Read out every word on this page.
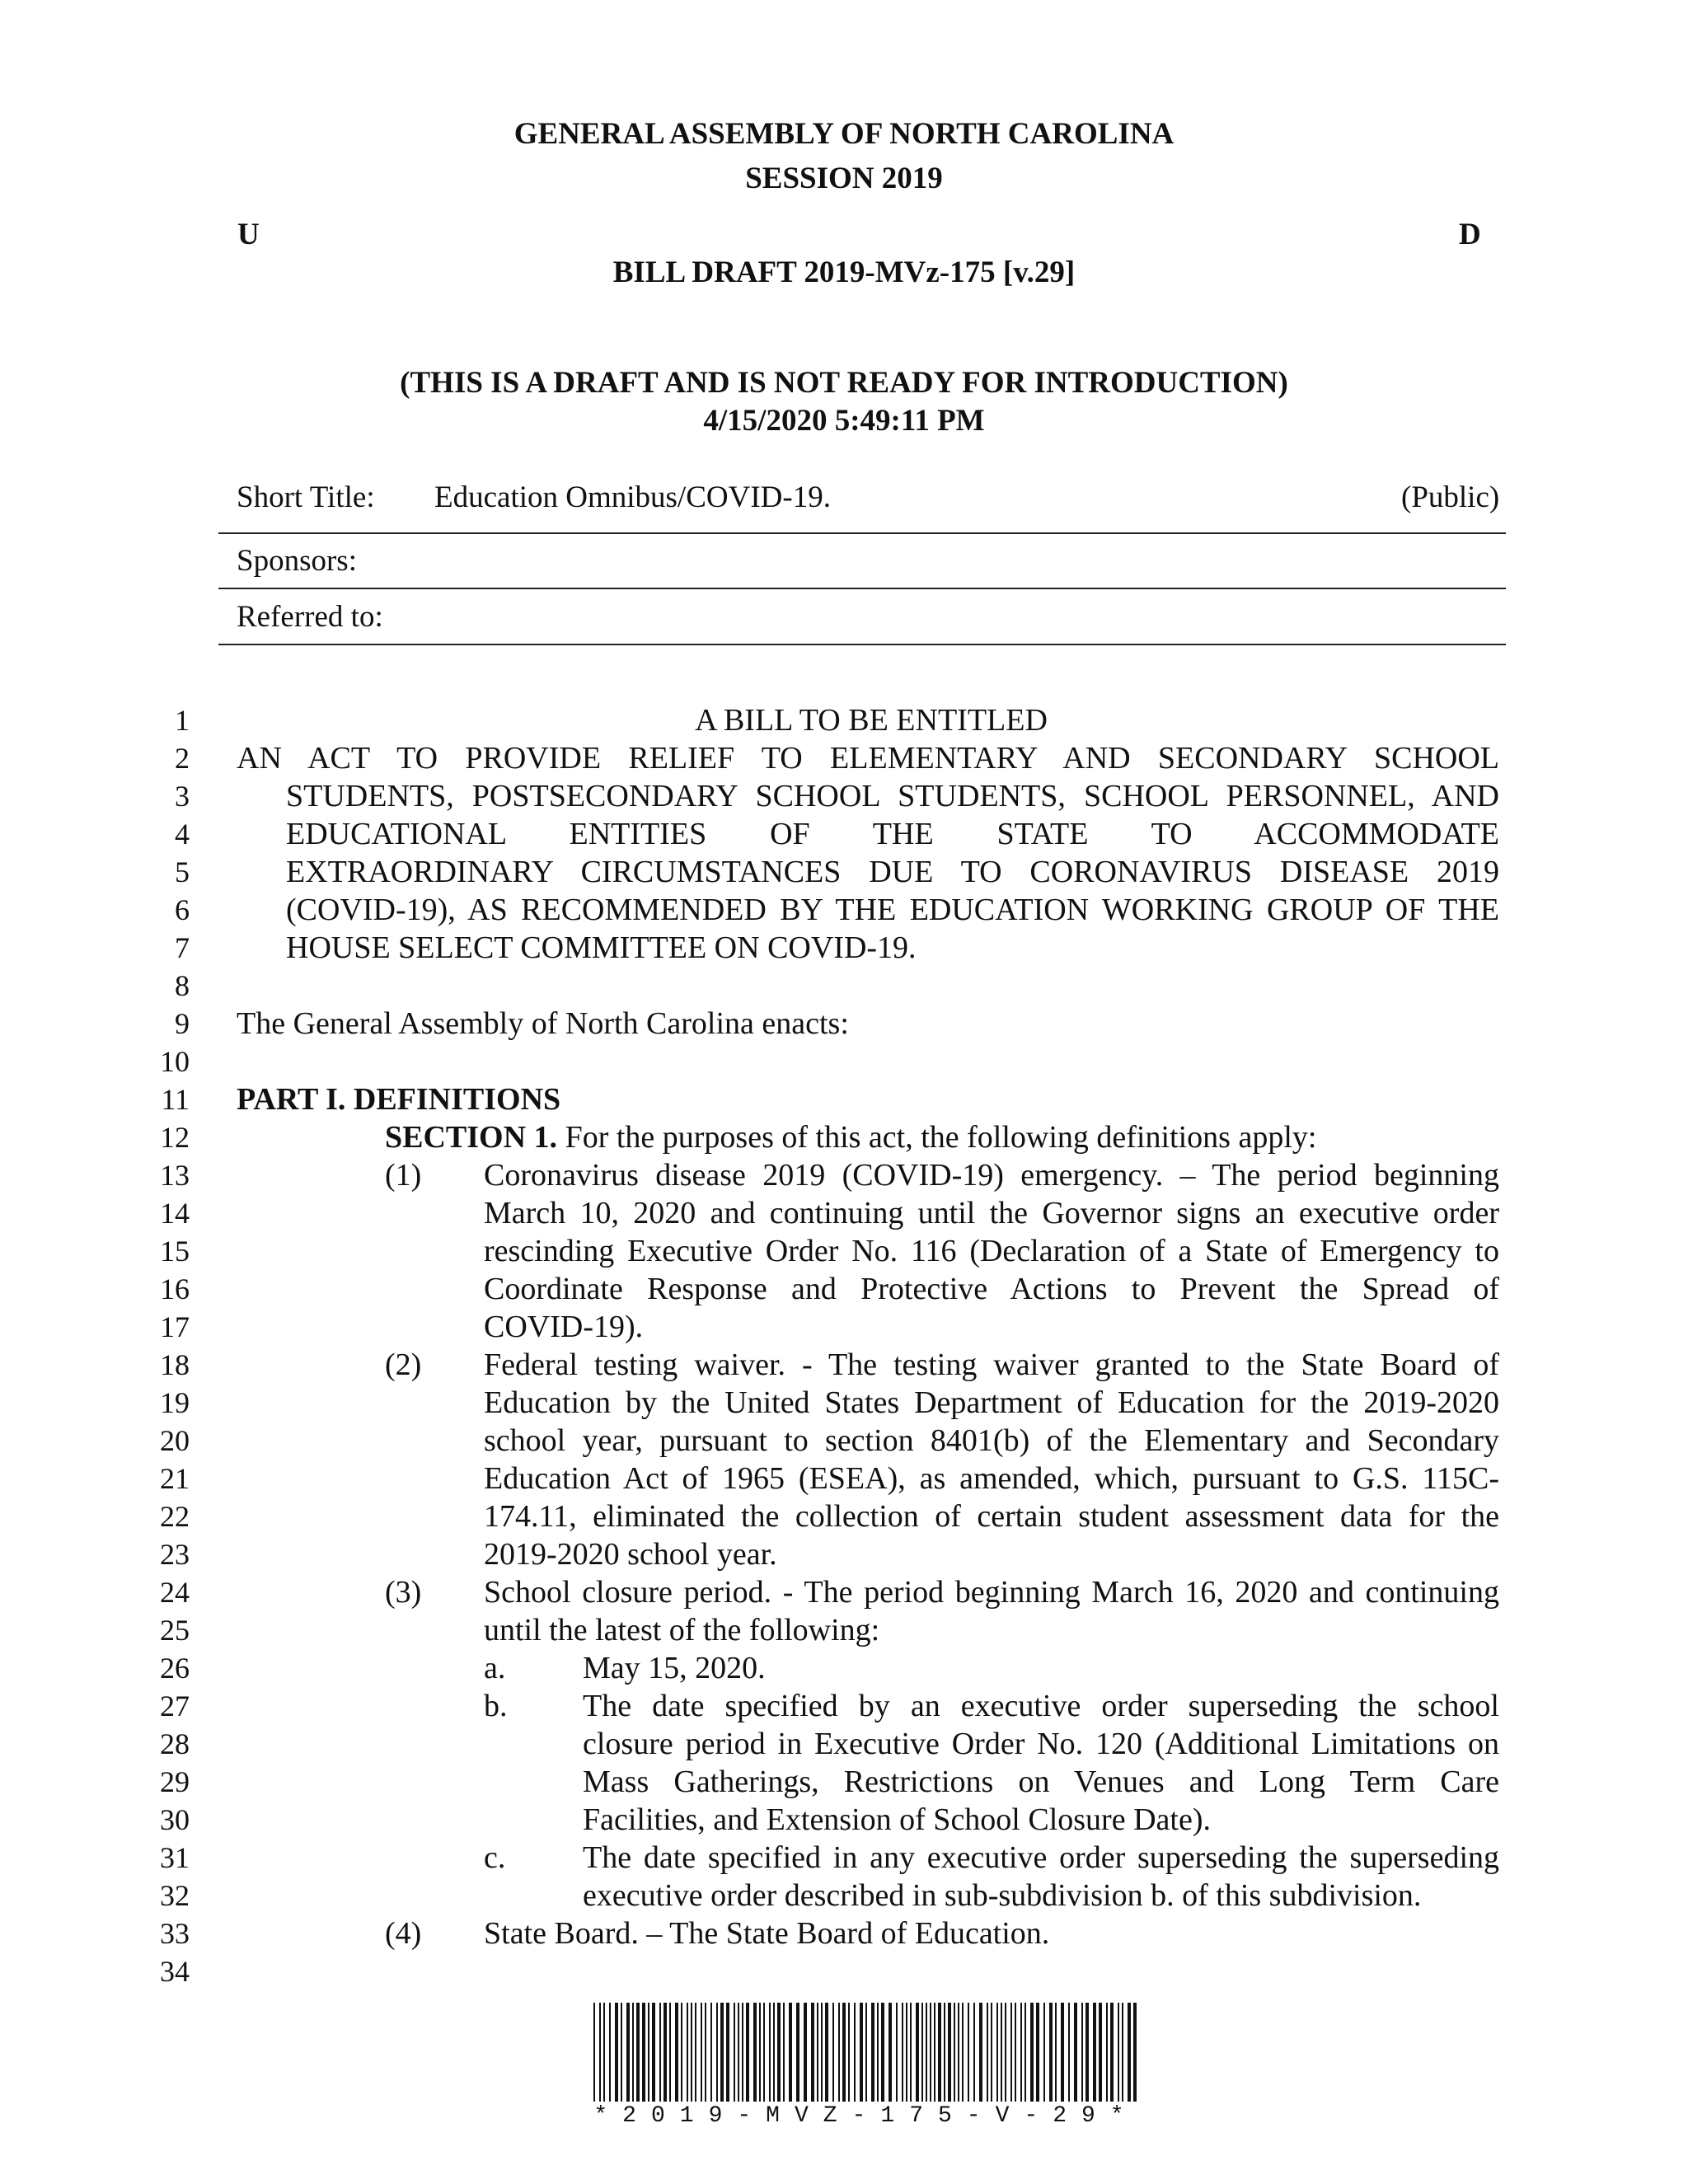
GENERAL ASSEMBLY OF NORTH CAROLINA
SESSION 2019
U	D
BILL DRAFT 2019-MVz-175 [v.29]
(THIS IS A DRAFT AND IS NOT READY FOR INTRODUCTION)
4/15/2020 5:49:11 PM
Short Title: Education Omnibus/COVID-19.	(Public)
Sponsors:
Referred to:
1
2
3
4
5
6
7
8
9
10
11
12
13
14
15
16
17
18
19
20
21
22
23
24
25
26
27
28
29
30
31
32
33
34
A BILL TO BE ENTITLED
AN ACT TO PROVIDE RELIEF TO ELEMENTARY AND SECONDARY SCHOOL
STUDENTS, POSTSECONDARY SCHOOL STUDENTS, SCHOOL PERSONNEL, AND
EDUCATIONAL ENTITIES OF THE STATE TO ACCOMMODATE
EXTRAORDINARY CIRCUMSTANCES DUE TO CORONAVIRUS DISEASE 2019
(COVID-19), AS RECOMMENDED BY THE EDUCATION WORKING GROUP OF THE
HOUSE SELECT COMMITTEE ON COVID-19.
The General Assembly of North Carolina enacts:
PART I. DEFINITIONS
SECTION 1. For the purposes of this act, the following definitions apply:
(1) Coronavirus disease 2019 (COVID-19) emergency. – The period beginning
March 10, 2020 and continuing until the Governor signs an executive order
rescinding Executive Order No. 116 (Declaration of a State of Emergency to
Coordinate Response and Protective Actions to Prevent the Spread of
COVID-19).
(2) Federal testing waiver. - The testing waiver granted to the State Board of
Education by the United States Department of Education for the 2019-2020
school year, pursuant to section 8401(b) of the Elementary and Secondary
Education Act of 1965 (ESEA), as amended, which, pursuant to G.S. 115C-
174.11, eliminated the collection of certain student assessment data for the
2019-2020 school year.
(3) School closure period. - The period beginning March 16, 2020 and continuing
until the latest of the following:
a. May 15, 2020.
b. The date specified by an executive order superseding the school
closure period in Executive Order No. 120 (Additional Limitations on
Mass Gatherings, Restrictions on Venues and Long Term Care
Facilities, and Extension of School Closure Date).
c. The date specified in any executive order superseding the superseding
executive order described in sub-subdivision b. of this subdivision.
(4) State Board. – The State Board of Education.
*2019-MVZ-175-V-29*
